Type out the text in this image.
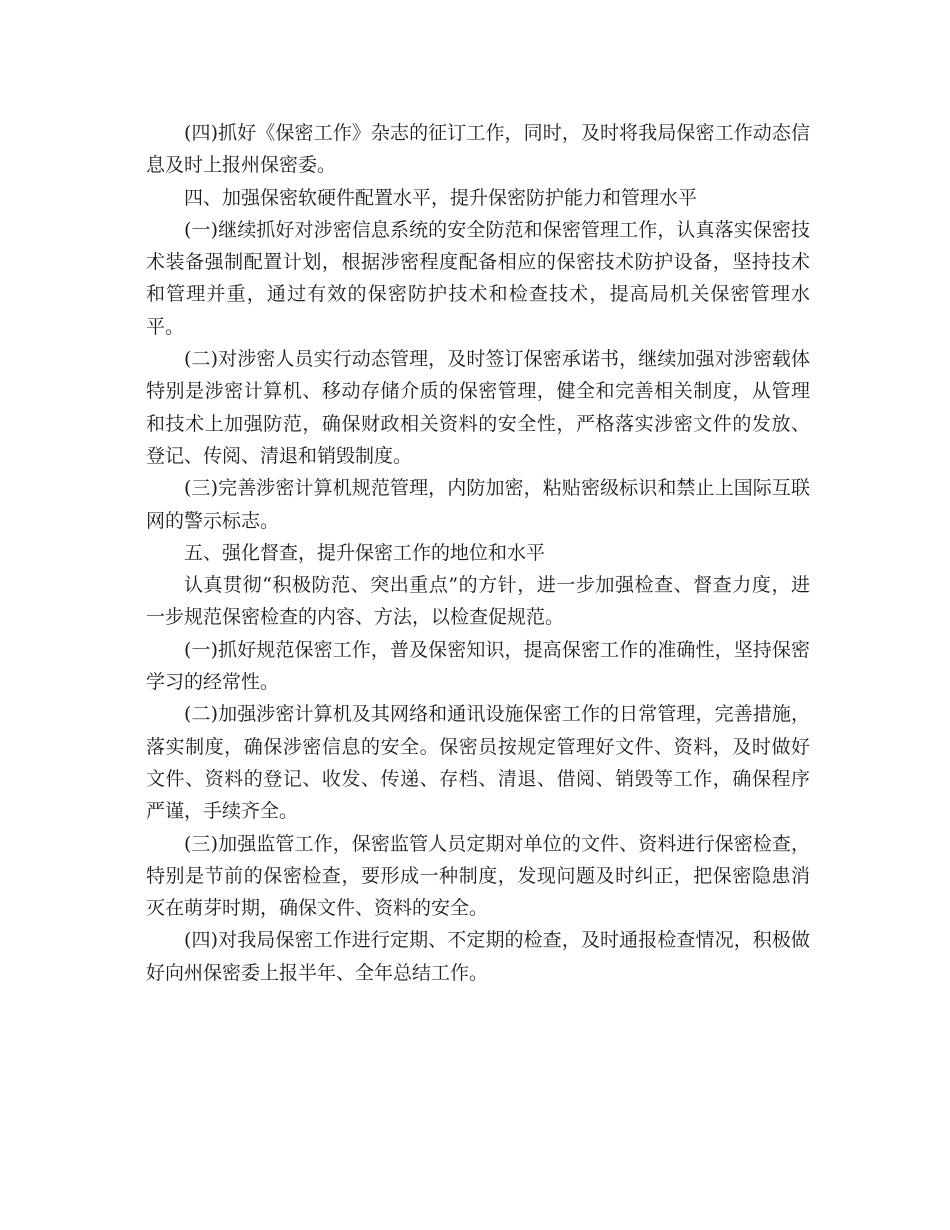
(四)抓好《保密工作》杂志的征订工作，同时，及时将我局保密工作动态信息及时上报州保密委。

四、加强保密软硬件配置水平，提升保密防护能力和管理水平

(一)继续抓好对涉密信息系统的安全防范和保密管理工作，认真落实保密技术装备强制配置计划，根据涉密程度配备相应的保密技术防护设备，坚持技术和管理并重，通过有效的保密防护技术和检查技术，提高局机关保密管理水平。

(二)对涉密人员实行动态管理，及时签订保密承诺书，继续加强对涉密载体特别是涉密计算机、移动存储介质的保密管理，健全和完善相关制度，从管理和技术上加强防范，确保财政相关资料的安全性，严格落实涉密文件的发放、登记、传阅、清退和销毁制度。

(三)完善涉密计算机规范管理，内防加密，粘贴密级标识和禁止上国际互联网的警示标志。

五、强化督查，提升保密工作的地位和水平

认真贯彻“积极防范、突出重点”的方针，进一步加强检查、督查力度，进一步规范保密检查的内容、方法，以检查促规范。

(一)抓好规范保密工作，普及保密知识，提高保密工作的准确性，坚持保密学习的经常性。

(二)加强涉密计算机及其网络和通讯设施保密工作的日常管理，完善措施，落实制度，确保涉密信息的安全。保密员按规定管理好文件、资料，及时做好文件、资料的登记、收发、传递、存档、清退、借阅、销毁等工作，确保程序严谨，手续齐全。

(三)加强监管工作，保密监管人员定期对单位的文件、资料进行保密检查，特别是节前的保密检查，要形成一种制度，发现问题及时纠正，把保密隐患消灭在萌芽时期，确保文件、资料的安全。

(四)对我局保密工作进行定期、不定期的检查，及时通报检查情况，积极做好向州保密委上报半年、全年总结工作。
